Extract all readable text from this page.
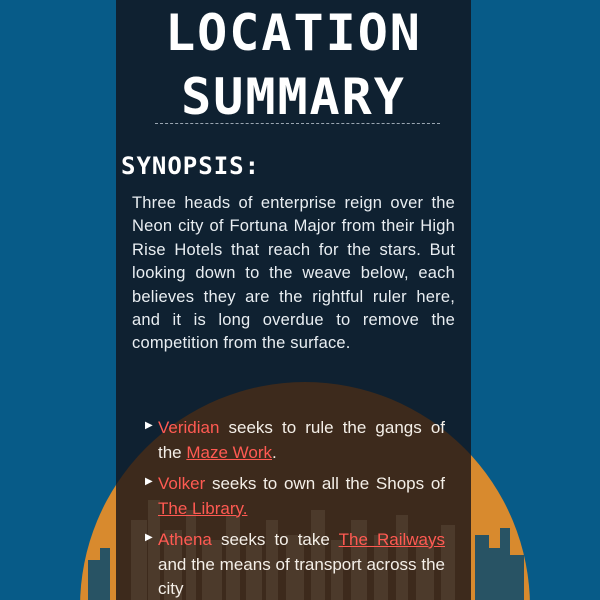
LOCATION
SUMMARY
SYNOPSIS:
Three heads of enterprise reign over the Neon city of Fortuna Major from their High Rise Hotels that reach for the stars. But looking down to the weave below, each believes they are the rightful ruler here, and it is long overdue to remove the competition from the surface.
▶ Veridian seeks to rule the gangs of the Maze Work.
▶ Volker seeks to own all the Shops of The Library.
▶ Athena seeks to take The Railways and the means of transport across the city
